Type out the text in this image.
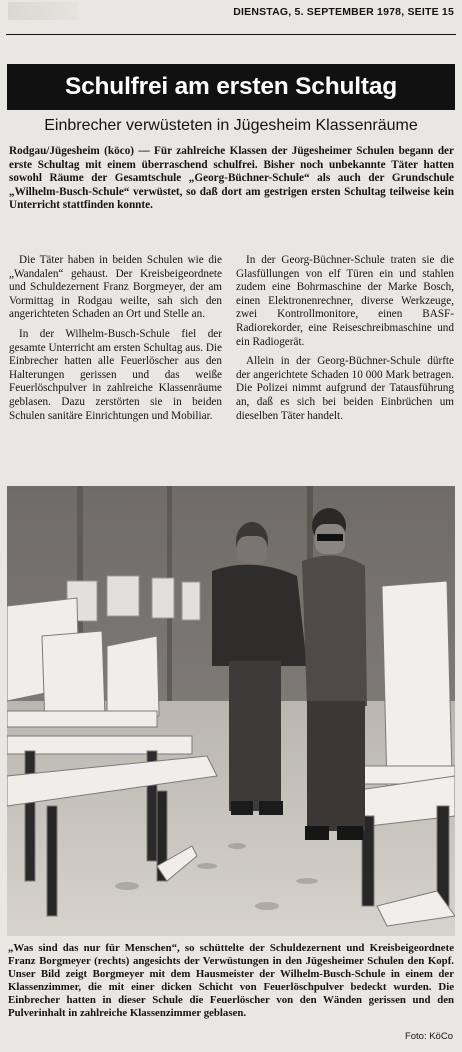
DIENSTAG, 5. SEPTEMBER 1978, SEITE 15
Schulfrei am ersten Schultag
Einbrecher verwüsteten in Jügesheim Klassenräume
Rodgau/Jügesheim (köco) — Für zahlreiche Klassen der Jügesheimer Schulen begann der erste Schultag mit einem überraschend schulfrei. Bisher noch unbekannte Täter hatten sowohl Räume der Gesamtschule „Georg-Büchner-Schule“ als auch der Grundschule „Wilhelm-Busch-Schule“ verwüstet, so daß dort am gestrigen ersten Schultag teilweise kein Unterricht stattfinden konnte.

Die Täter haben in beiden Schulen wie die „Wandalen“ gehaust. Der Kreisbeigeordnete und Schuldezernent Franz Borgmeyer, der am Vormittag in Rodgau weilte, sah sich den angerichteten Schaden an Ort und Stelle an.

In der Wilhelm-Busch-Schule fiel der gesamte Unterricht am ersten Schultag aus. Die Einbrecher hatten alle Feuerlöscher aus den Halterungen gerissen und das weiße Feuerlöschpulver in zahlreiche Klassenräume geblasen. Dazu zerstörten sie in beiden Schulen sanitäre Einrichtungen und Mobiliar.

In der Georg-Büchner-Schule traten sie die Glasfüllungen von elf Türen ein und stahlen zudem eine Bohrmaschine der Marke Bosch, einen Elektronenrechner, diverse Werkzeuge, zwei Kontrollmonitore, einen BASF-Radiorekorder, eine Reiseschreibmaschine und ein Radiogerät.

Allein in der Georg-Büchner-Schule dürfte der angerichtete Schaden 10 000 Mark betragen. Die Polizei nimmt aufgrund der Tatausführung an, daß es sich bei beiden Einbrüchen um dieselben Täter handelt.

„Was sind das nur für Menschen“, so schüttelte der Schuldezernent und Kreisbeigeordnete Franz Borgmeyer (rechts) angesichts der Verwüstungen in den Jügesheimer Schulen den Kopf. Unser Bild zeigt Borgmeyer mit dem Hausmeister der Wilhelm-Busch-Schule in einem der Klassenzimmer, die mit einer dicken Schicht von Feuerlöschpulver bedeckt wurden. Die Einbrecher hatten in dieser Schule die Feuerlöscher von den Wänden gerissen und den Pulverinhalt in zahlreiche Klassenzimmer geblasen.
Foto: KöCo
